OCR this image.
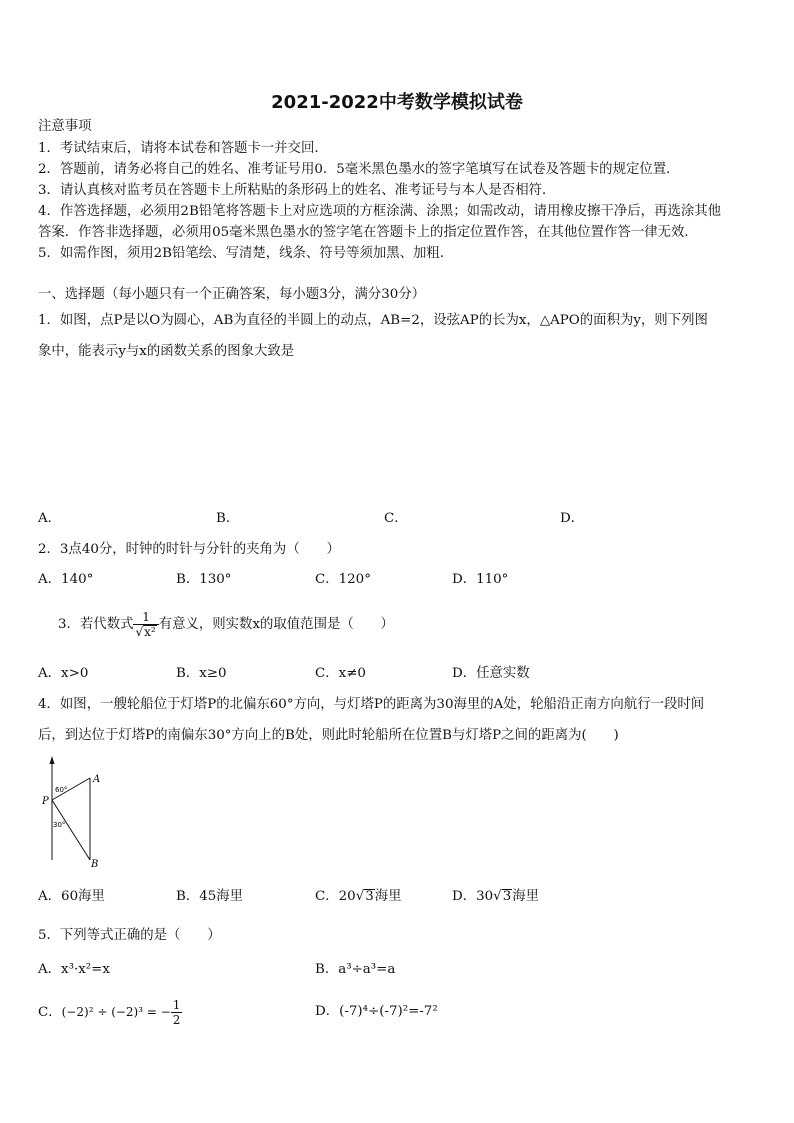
2021-2022中考数学模拟试卷
注意事项
1．考试结束后，请将本试卷和答题卡一并交回．
2．答题前，请务必将自己的姓名、准考证号用0．5毫米黑色墨水的签字笔填写在试卷及答题卡的规定位置．
3．请认真核对监考员在答题卡上所粘贴的条形码上的姓名、准考证号与本人是否相符．
4．作答选择题，必须用2B铅笔将答题卡上对应选项的方框涂满、涂黑；如需改动，请用橡皮擦干净后，再选涂其他
答案．作答非选择题，必须用05毫米黑色墨水的签字笔在答题卡上的指定位置作答，在其他位置作答一律无效．
5．如需作图，须用2B铅笔绘、写清楚，线条、符号等须加黑、加粗．
一、选择题（每小题只有一个正确答案，每小题3分，满分30分）
1．如图，点P是以O为圆心，AB为直径的半圆上的动点，AB=2，设弦AP的长为x，△APO的面积为y，则下列图
象中，能表示y与x的函数关系的图象大致是
A．	B．	C．	D．
2．3点40分，时钟的时针与分针的夹角为（　　）
A．140°	B．130°	C．120°	D．110°
3．若代数式 $\frac{1}{\text{√x²}}$ 有意义，则实数x的取值范围是（　　）
A．x>0	B．x≥0	C．x≠0	D．任意实数
4．如图，一艘轮船位于灯塔P的北偏东60°方向，与灯塔P的距离为30海里的A处，轮船沿正南方向航行一段时间
后，到达位于灯塔P的南偏东30°方向上的B处，则此时轮船所在位置B与灯塔P之间的距离为(　　)
P
A
B
60°
30°
A．60海里	B．45海里	C．20√3海里	D．30√3海里
5．下列等式正确的是（　　）
A．x³·x²=x	B．a³÷a³=a
C．(−2)² ÷ (−2)³ = − $\frac{1}{2}$	D．(-7)⁴÷(-7)²=-7²
